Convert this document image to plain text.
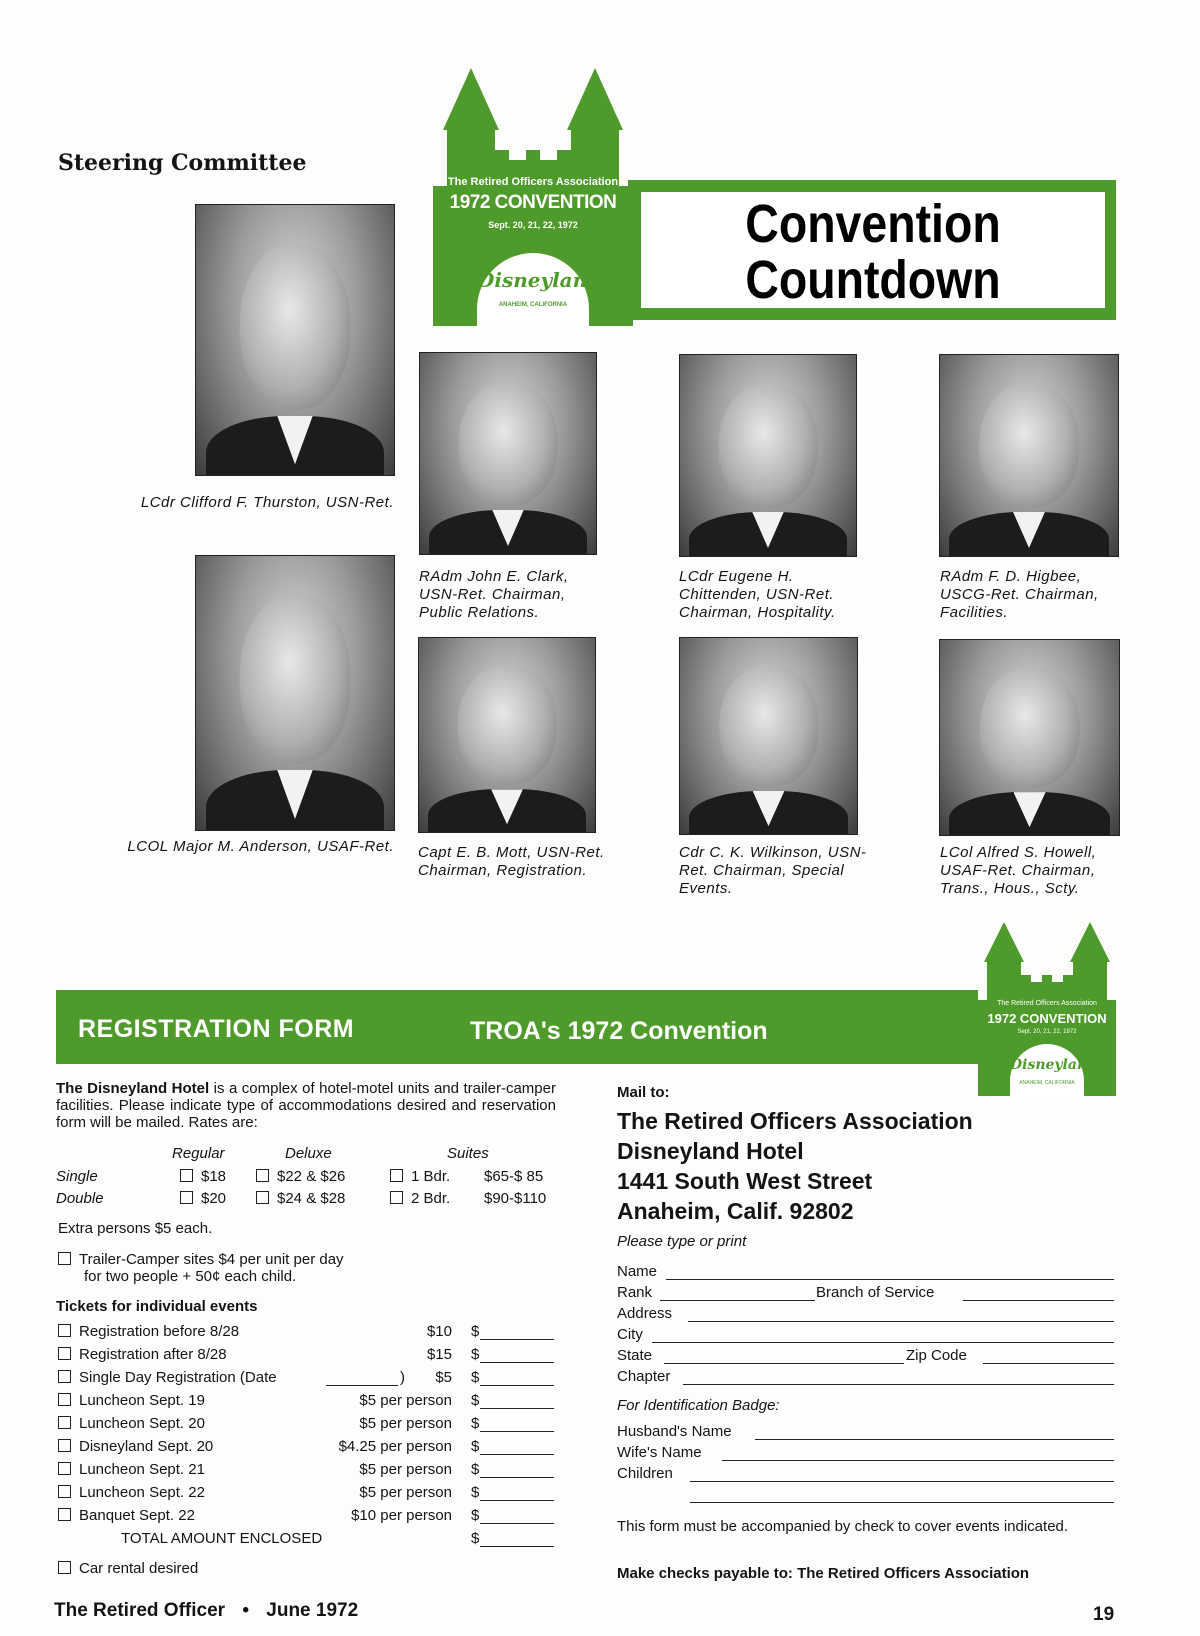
Steering Committee
The Retired Officers Association
1972 CONVENTION
Sept. 20, 21, 22, 1972
Disneyland
ANAHEIM, CALIFORNIA
Convention
Countdown
LCdr Clifford F. Thurston, USN-Ret.
LCOL Major M. Anderson, USAF-Ret.
RAdm John E. Clark, USN-Ret. Chairman, Public Relations.
LCdr Eugene H. Chittenden, USN-Ret. Chairman, Hospitality.
RAdm F. D. Higbee, USCG-Ret. Chairman, Facilities.
Capt E. B. Mott, USN-Ret. Chairman, Registration.
Cdr C. K. Wilkinson, USN-Ret. Chairman, Special Events.
LCol Alfred S. Howell, USAF-Ret. Chairman, Trans., Hous., Scty.
REGISTRATION FORM	TROA's 1972 Convention
The Retired Officers Association
1972 CONVENTION
Sept. 20, 21, 22, 1972
Disneyland
ANAHEIM, CALIFORNIA
The Disneyland Hotel is a complex of hotel-motel units and trailer-camper facilities. Please indicate type of accommodations desired and reservation form will be mailed. Rates are:
Regular	Deluxe	Suites
Single	$18	$22 & $26	1 Bdr. $65-$ 85
Double	$20	$24 & $28	2 Bdr. $90-$110
Extra persons $5 each.
Trailer-Camper sites $4 per unit per day
for two people + 50¢ each child.
Tickets for individual events
Registration before 8/28	$10 $
Registration after 8/28	$15 $
Single Day Registration (Date	) $5 $
Luncheon Sept. 19	$5 per person $
Luncheon Sept. 20	$5 per person $
Disneyland Sept. 20	$4.25 per person $
Luncheon Sept. 21	$5 per person $
Luncheon Sept. 22	$5 per person $
Banquet Sept. 22	$10 per person $
TOTAL AMOUNT ENCLOSED	$
Car rental desired
Mail to:
The Retired Officers Association
Disneyland Hotel
1441 South West Street
Anaheim, Calif. 92802
Please type or print
Name
Rank	Branch of Service
Address
City
State	Zip Code
Chapter
For Identification Badge:
Husband's Name
Wife's Name
Children
This form must be accompanied by check to cover events indicated.
Make checks payable to: The Retired Officers Association
The Retired Officer • June 1972	19
